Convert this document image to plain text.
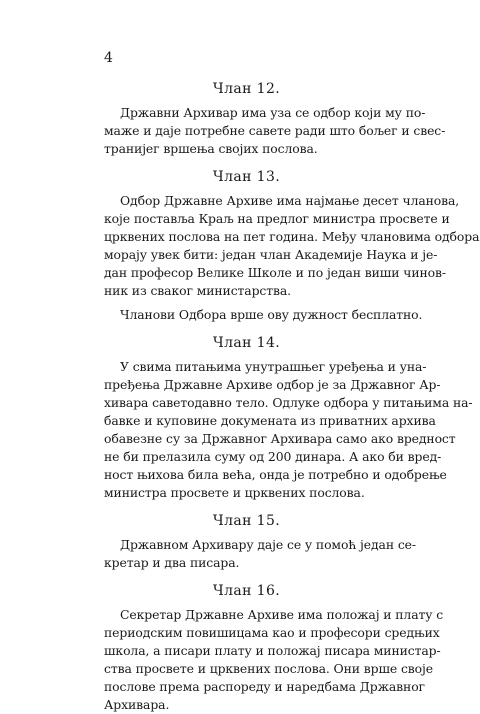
4
Члан 12.

Државни Архивар има уза се одбор који му по-
маже и даје потребне савете ради што бољег и свес-
транијег вршења својих послова.

Члан 13.

Одбор Државне Архиве има најмање десет чланова,
које поставља Краљ на предлог министра просвете и
црквених послова на пет година. Међу члановима одбора
морају увек бити: један члан Академије Наука и је-
дан професор Велике Школе и по један виши чинов-
ник из сваког министарства.

Чланови Одбора врше ову дужност бесплатно.

Члан 14.

У свима питањима унутрашњег уређења и уна-
пређења Државне Архиве одбор је за Државног Ар-
хивара саветодавно тело. Одлуке одбора у питањима на-
бавке и куповине докумената из приватних архива
обавезне су за Државног Архивара само ако вредност
не би прелазила суму од 200 динара. А ако би вред-
ност њихова била већа, онда је потребно и одобрење
министра просвете и црквених послова.

Члан 15.

Државном Архивару даје се у помоћ један се-
кретар и два писара.

Члан 16.

Секретар Државне Архиве има положај и плату с
периодским повишицама као и професори средњих
школа, а писари плату и положај писара министар-
ства просвете и црквених послова. Они врше своје
послове према распореду и наредбама Државног
Архивара.
